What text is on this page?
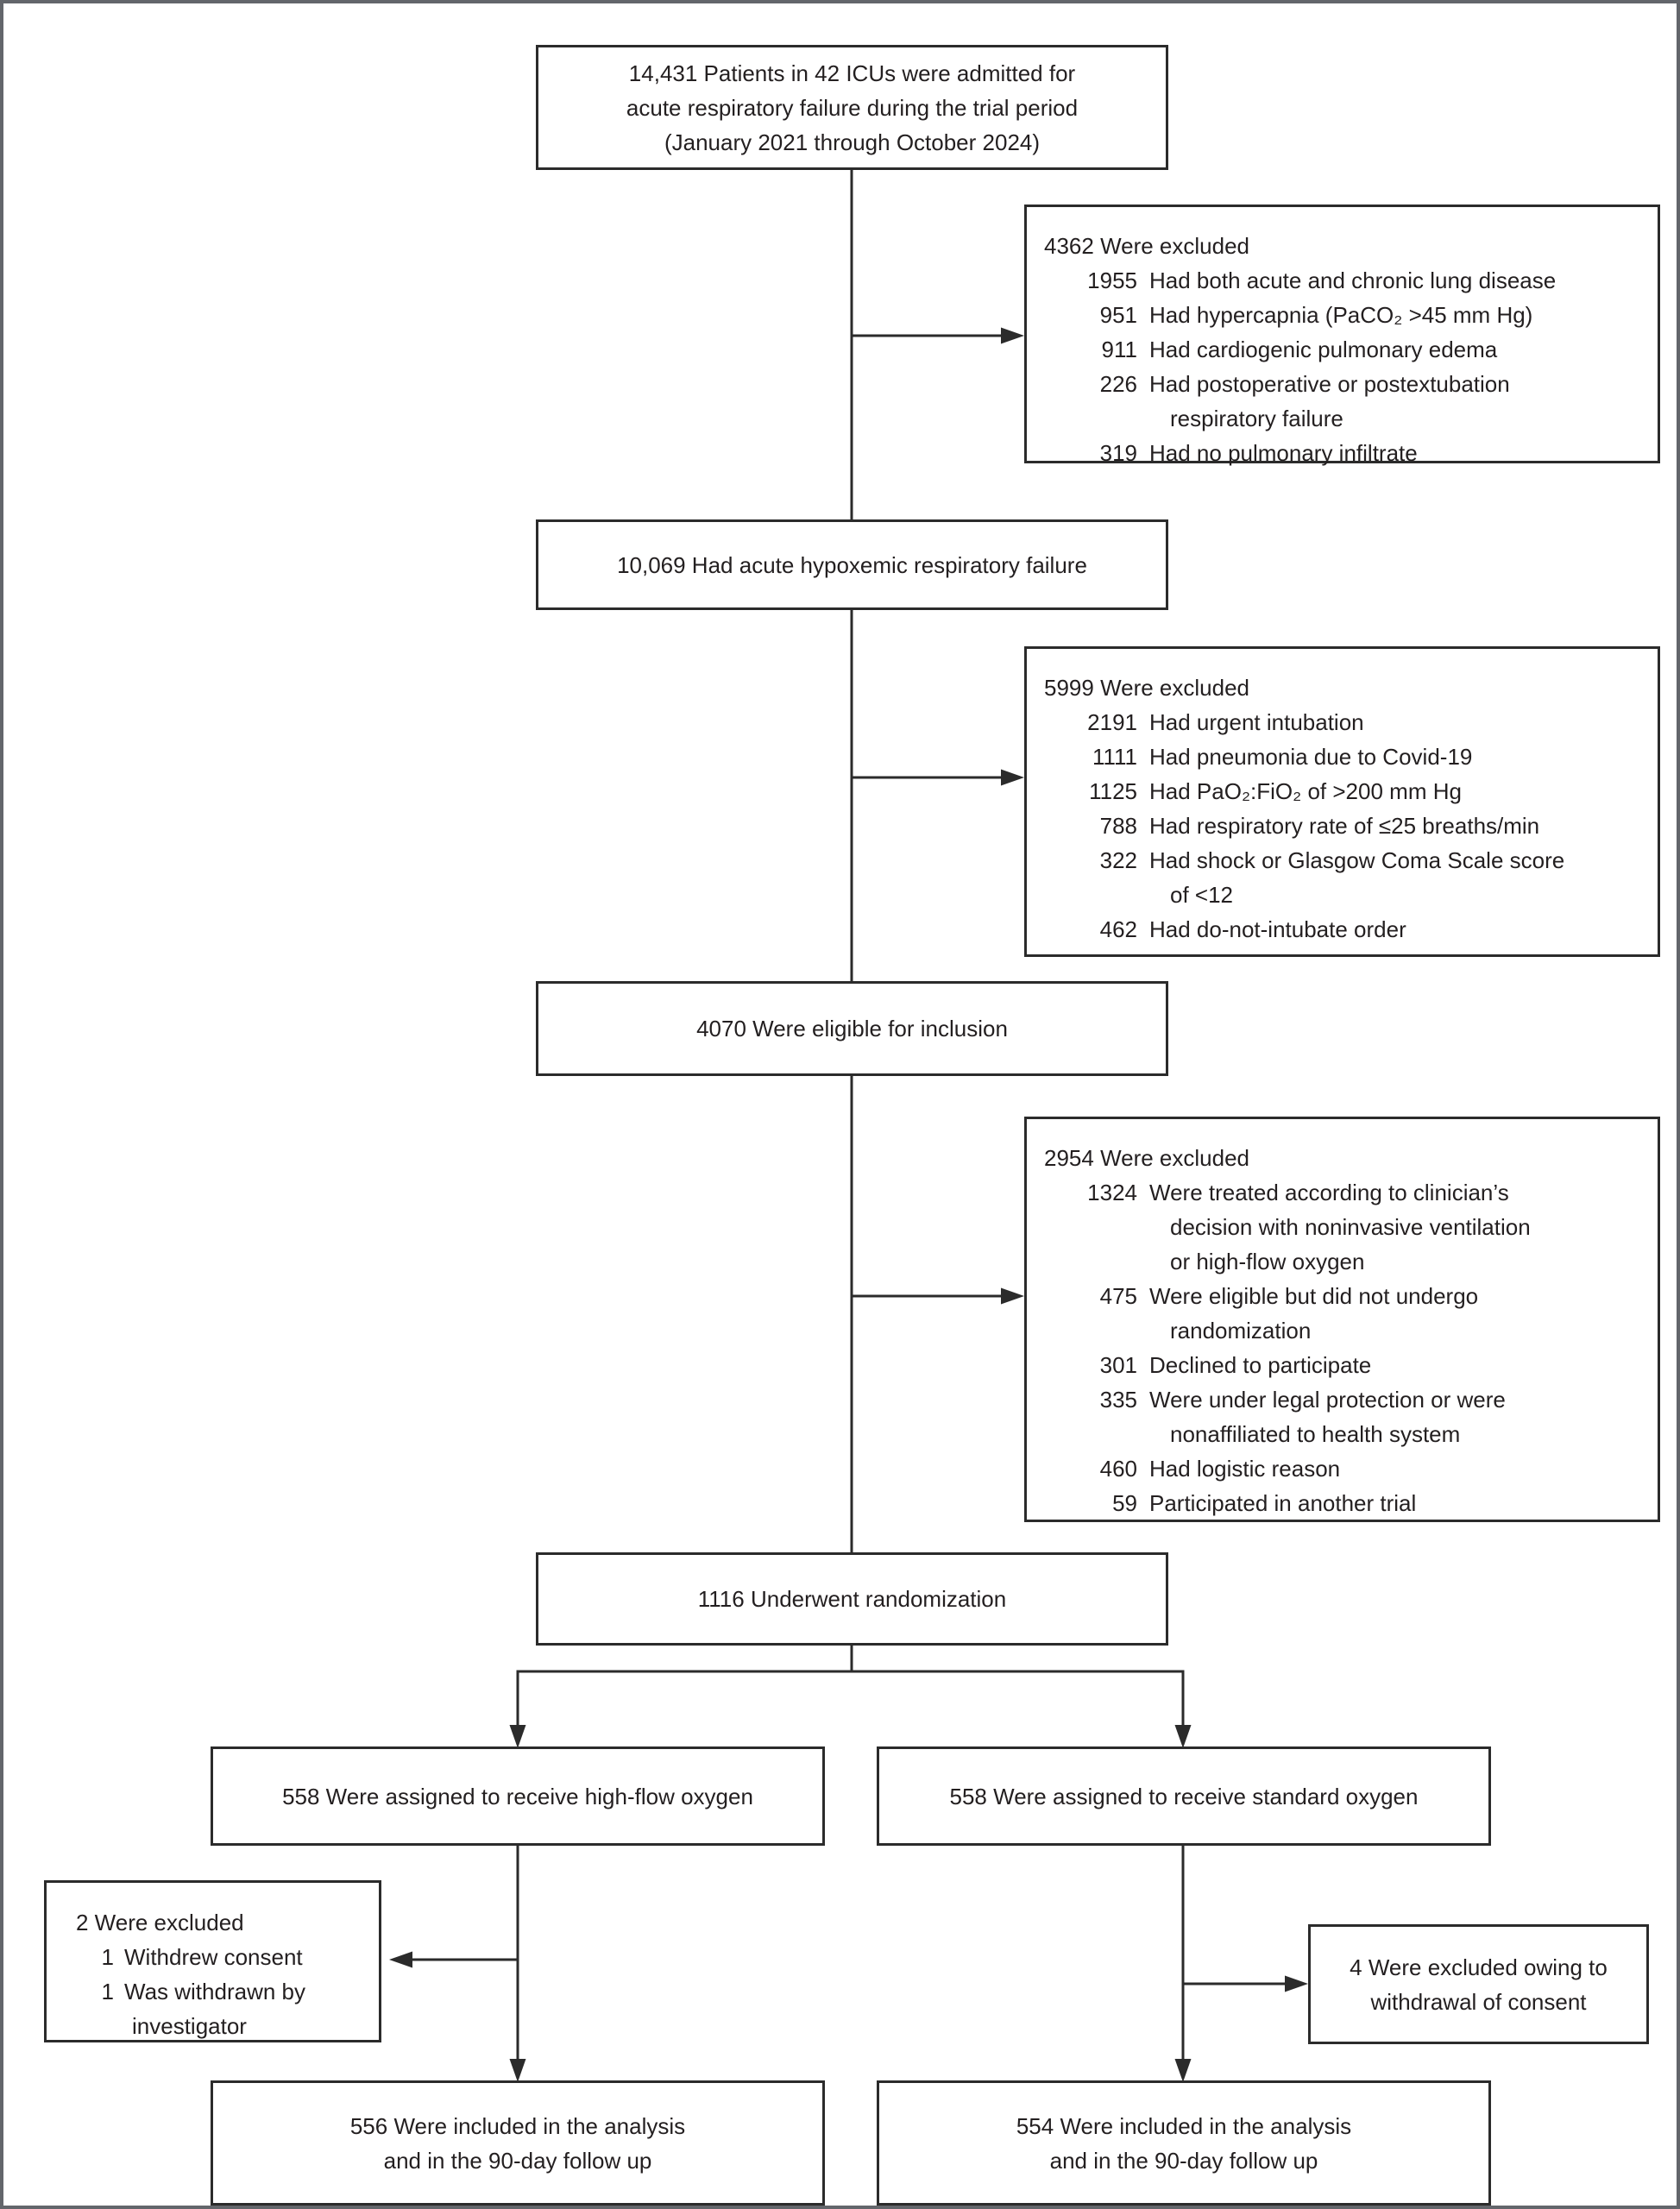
14,431 Patients in 42 ICUs were admitted for
acute respiratory failure during the trial period
(January 2021 through October 2024)
4362 Were excluded
1955 Had both acute and chronic lung disease
951 Had hypercapnia (PaCO₂ >45 mm Hg)
911 Had cardiogenic pulmonary edema
226 Had postoperative or postextubation
respiratory failure
319 Had no pulmonary infiltrate
10,069 Had acute hypoxemic respiratory failure
5999 Were excluded
2191 Had urgent intubation
1111 Had pneumonia due to Covid-19
1125 Had PaO₂:FiO₂ of >200 mm Hg
788 Had respiratory rate of ≤25 breaths/min
322 Had shock or Glasgow Coma Scale score
of <12
462 Had do-not-intubate order
4070 Were eligible for inclusion
2954 Were excluded
1324 Were treated according to clinician’s
decision with noninvasive ventilation
or high-flow oxygen
475 Were eligible but did not undergo
randomization
301 Declined to participate
335 Were under legal protection or were
nonaffiliated to health system
460 Had logistic reason
59 Participated in another trial
1116 Underwent randomization
558 Were assigned to receive high-flow oxygen	558 Were assigned to receive standard oxygen
2 Were excluded
1 Withdrew consent
1 Was withdrawn by
investigator
4 Were excluded owing to
withdrawal of consent
556 Were included in the analysis
and in the 90-day follow up
554 Were included in the analysis
and in the 90-day follow up
